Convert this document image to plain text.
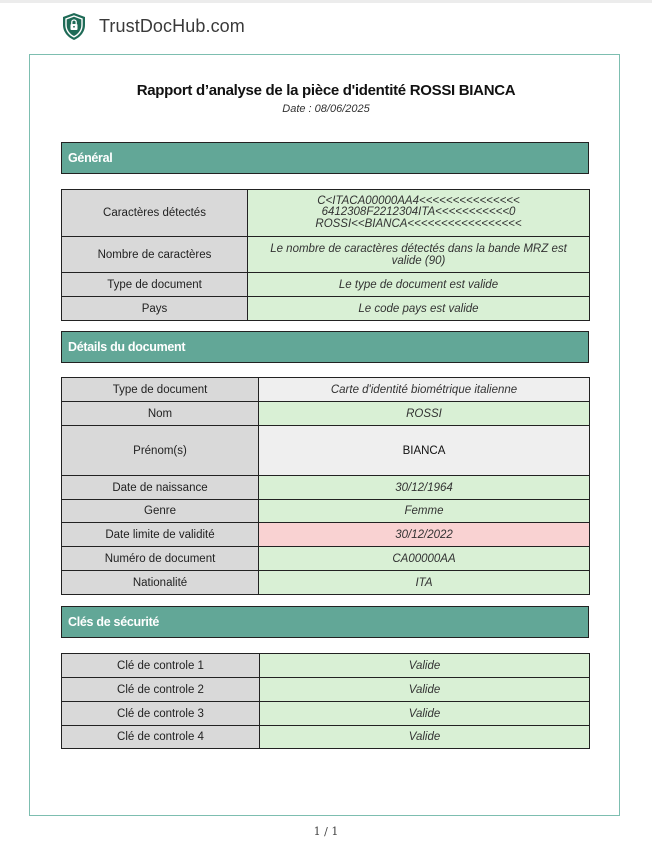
TrustDocHub.com
Rapport d’analyse de la pièce d'identité ROSSI BIANCA
Date : 08/06/2025
Général
Caractères détectés	C<ITACA00000AA4<<<<<<<<<<<<<<<
6412308F2212304ITA<<<<<<<<<<<0
ROSSI<<BIANCA<<<<<<<<<<<<<<<<<

Nombre de caractères	Le nombre de caractères détectés dans la bande MRZ est valide (90)
Type de document	Le type de document est valide
Pays	Le code pays est valide
Détails du document
Type de document	Carte d'identité biométrique italienne
Nom	ROSSI
Prénom(s)	BIANCA
Date de naissance	30/12/1964
Genre	Femme
Date limite de validité	30/12/2022
Numéro de document	CA00000AA
Nationalité	ITA
Clés de sécurité
Clé de controle 1	Valide
Clé de controle 2	Valide
Clé de controle 3	Valide
Clé de controle 4	Valide
1 / 1
